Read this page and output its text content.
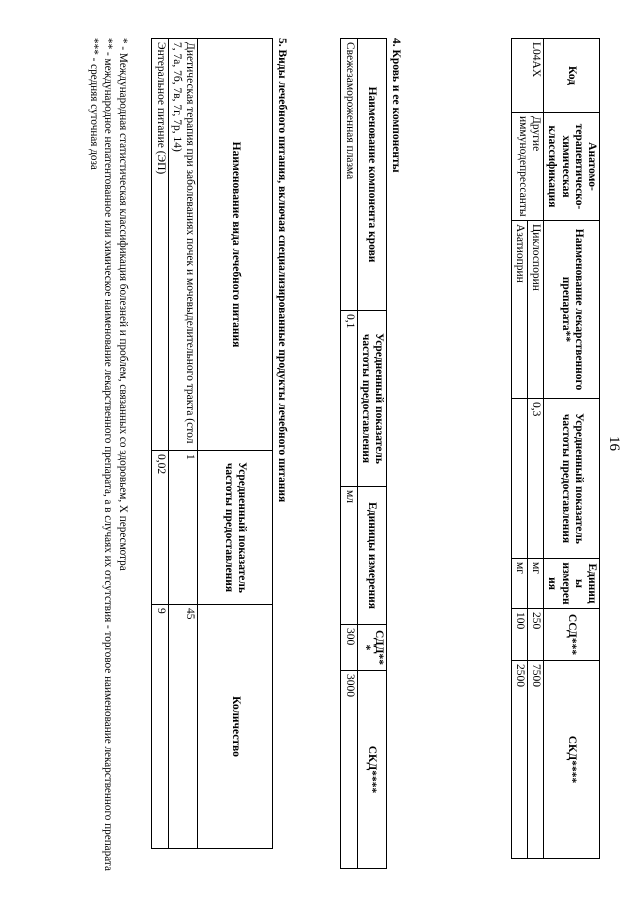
16
Код	Анатомо-терапевтическо-химическая классификация	Наименование лекарственного препарата**	Усредненный показатель частоты предоставления	Единицы измерения	ССД***	СКД****
L04AX	Другие иммунодепрессанты	Циклоспорин	0,3	мг	250	7500
		Азатиоприн		мг	100	2500
4. Кровь и ее компоненты
Наименование компонента крови	Усредненный показатель частоты предоставления	Единицы измерения	СДД***	СКД****
Свежезамороженная плазма	0,1	мл	300	3000
5. Виды лечебного питания, включая специализированные продукты лечебного питания
Наименование вида лечебного питания	Усредненный показатель частоты предоставления	Количество
Диетическая терапия при заболеваниях почек и мочевыделительного тракта (стол 7, 7а, 7б, 7в, 7г, 7р, 14)	1	45
Энтеральное питание (ЭП)	0,02	9
* - Международная статистическая классификация болезней и проблем, связанных со здоровьем, X пересмотра
** - международное непатентованное или химическое наименование лекарственного препарата, а в случаях их отсутствия - торговое наименование лекарственного препарата
*** - средняя суточная доза
